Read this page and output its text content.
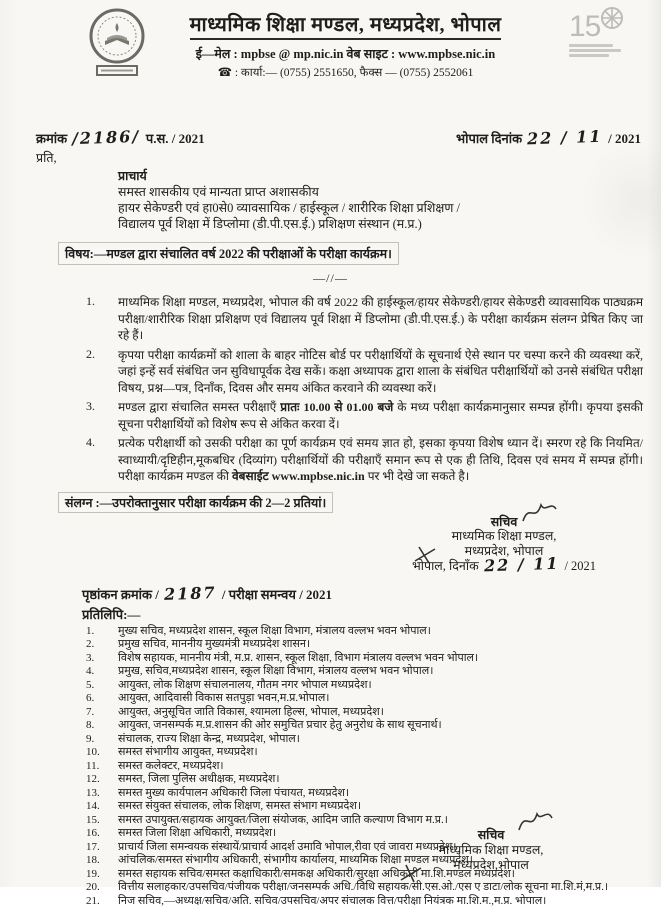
माध्यमिक शिक्षा मण्डल, मध्यप्रदेश, भोपाल
ई—मेल : mpbse @ mp.nic.in वेब साइट : www.mpbse.nic.in
☎ : कार्या:— (0755) 2551650, फैक्स — (0755) 2552061
15
क्रमांक /2186/ प.स. / 2021	भोपाल दिनांक 22 / 11 / 2021
प्रति,
प्राचार्य
समस्त शासकीय एवं मान्यता प्राप्त अशासकीय
हायर सेकेण्डरी एवं हा0से0 व्यावसायिक / हाईस्कूल / शारीरिक शिक्षा प्रशिक्षण /
विद्यालय पूर्व शिक्षा में डिप्लोमा (डी.पी.एस.ई.) प्रशिक्षण संस्थान (म.प्र.)
विषय:—मण्डल द्वारा संचालित वर्ष 2022 की परीक्षाओं के परीक्षा कार्यक्रम।
—//—
1.	माध्यमिक शिक्षा मण्डल, मध्यप्रदेश, भोपाल की वर्ष 2022 की हाईस्कूल/हायर सेकेण्डरी/हायर सेकेण्डरी व्यावसायिक पाठ्यक्रम परीक्षा/शारीरिक शिक्षा प्रशिक्षण एवं विद्यालय पूर्व शिक्षा में डिप्लोमा (डी.पी.एस.ई.) के परीक्षा कार्यक्रम संलग्न प्रेषित किए जा रहे हैं।
2.	कृपया परीक्षा कार्यक्रमों को शाला के बाहर नोटिस बोर्ड पर परीक्षार्थियों के सूचनार्थ ऐसे स्थान पर चस्पा करने की व्यवस्था करें, जहां इन्हें सर्व संबंधित जन सुविधापूर्वक देख सकें। कक्षा अध्यापक द्वारा शाला के संबंधित परीक्षार्थियों को उनसे संबंधित परीक्षा विषय, प्रश्न—पत्र, दिनाँक, दिवस और समय अंकित करवाने की व्यवस्था करें।
3.	मण्डल द्वारा संचालित समस्त परीक्षाएँ प्रातः 10.00 से 01.00 बजे के मध्य परीक्षा कार्यक्रमानुसार सम्पन्न होंगी। कृपया इसकी सूचना परीक्षार्थियों को विशेष रूप से अंकित करवा दें।
4.	प्रत्येक परीक्षार्थी को उसकी परीक्षा का पूर्ण कार्यक्रम एवं समय ज्ञात हो, इसका कृपया विशेष ध्यान दें। स्मरण रहे कि नियमित/स्वाध्यायी/दृष्टिहीन,मूकबधिर (दिव्यांग) परीक्षार्थियों की परीक्षाएँ समान रूप से एक ही तिथि, दिवस एवं समय में सम्पन्न होंगी। परीक्षा कार्यक्रम मण्डल की वेबसाईट www.mpbse.nic.in पर भी देखे जा सकते है।
संलग्न :—उपरोक्तानुसार परीक्षा कार्यक्रम की 2—2 प्रतियां।
सचिव
माध्यमिक शिक्षा मण्डल,
मध्यप्रदेश, भोपाल
भोपाल, दिनाँक 22 / 11 / 2021
पृष्ठांकन क्रमांक / 2187 / परीक्षा समन्वय / 2021
प्रतिलिपि:—
1.	मुख्य सचिव, मध्यप्रदेश शासन, स्कूल शिक्षा विभाग, मंत्रालय वल्लभ भवन भोपाल।
2.	प्रमुख सचिव, माननीय मुख्यमंत्री मध्यप्रदेश शासन।
3.	विशेष सहायक, माननीय मंत्री, म.प्र. शासन, स्कूल शिक्षा, विभाग मंत्रालय वल्लभ भवन भोपाल।
4.	प्रमुख, सचिव,मध्यप्रदेश शासन, स्कूल शिक्षा विभाग, मंत्रालय वल्लभ भवन भोपाल।
5.	आयुक्त, लोक शिक्षण संचालनालय, गौतम नगर भोपाल मध्यप्रदेश।
6.	आयुक्त, आदिवासी विकास सतपुड़ा भवन,म.प्र.भोपाल।
7.	आयुक्त, अनुसूचित जाति विकास, श्यामला हिल्स, भोपाल, मध्यप्रदेश।
8.	आयुक्त, जनसम्पर्क म.प्र.शासन की ओर समुचित प्रचार हेतु अनुरोध के साथ सूचनार्थ।
9.	संचालक, राज्य शिक्षा केन्द्र, मध्यप्रदेश, भोपाल।
10.	समस्त संभागीय आयुक्त, मध्यप्रदेश।
11.	समस्त कलेक्टर, मध्यप्रदेश।
12.	समस्त, जिला पुलिस अधीक्षक, मध्यप्रदेश।
13.	समस्त मुख्य कार्यपालन अधिकारी जिला पंचायत, मध्यप्रदेश।
14.	समस्त संयुक्त संचालक, लोक शिक्षण, समस्त संभाग मध्यप्रदेश।
15.	समस्त उपायुक्त/सहायक आयुक्त/जिला संयोजक, आदिम जाति कल्याण विभाग म.प्र.।
16.	समस्त जिला शिक्षा अधिकारी, मध्यप्रदेश।
17.	प्राचार्य जिला समन्वयक संस्थायें/प्राचार्य आदर्श उमावि भोपाल,रीवा एवं जावरा मध्यप्रदेश।
18.	आंचलिक/समस्त संभागीय अधिकारी, संभागीय कार्यालय, माध्यमिक शिक्षा मण्डल मध्यप्रदेश।
19.	समस्त सहायक सचिव/समस्त कक्षाधिकारी/समकक्ष अधिकारी/सुरक्षा अधिकारी मा.शि.मण्डल मध्यप्रदेश।
20.	वित्तीय सलाहकार/उपसचिव/पंजीयक परीक्षा/जनसम्पर्क अधि./विधि सहायक/सी.एस.ओ./एस ए डाटा/लोक सूचना मा.शि.मं,म.प्र.।
21.	निज सचिव,—अध्यक्ष/सचिव/अति. सचिव/उपसचिव/अपर संचालक वित्त/परीक्षा नियंत्रक मा.शि.म.,म.प्र. भोपाल।
सचिव
माध्यमिक शिक्षा मण्डल,
मध्यप्रदेश,भोपाल
